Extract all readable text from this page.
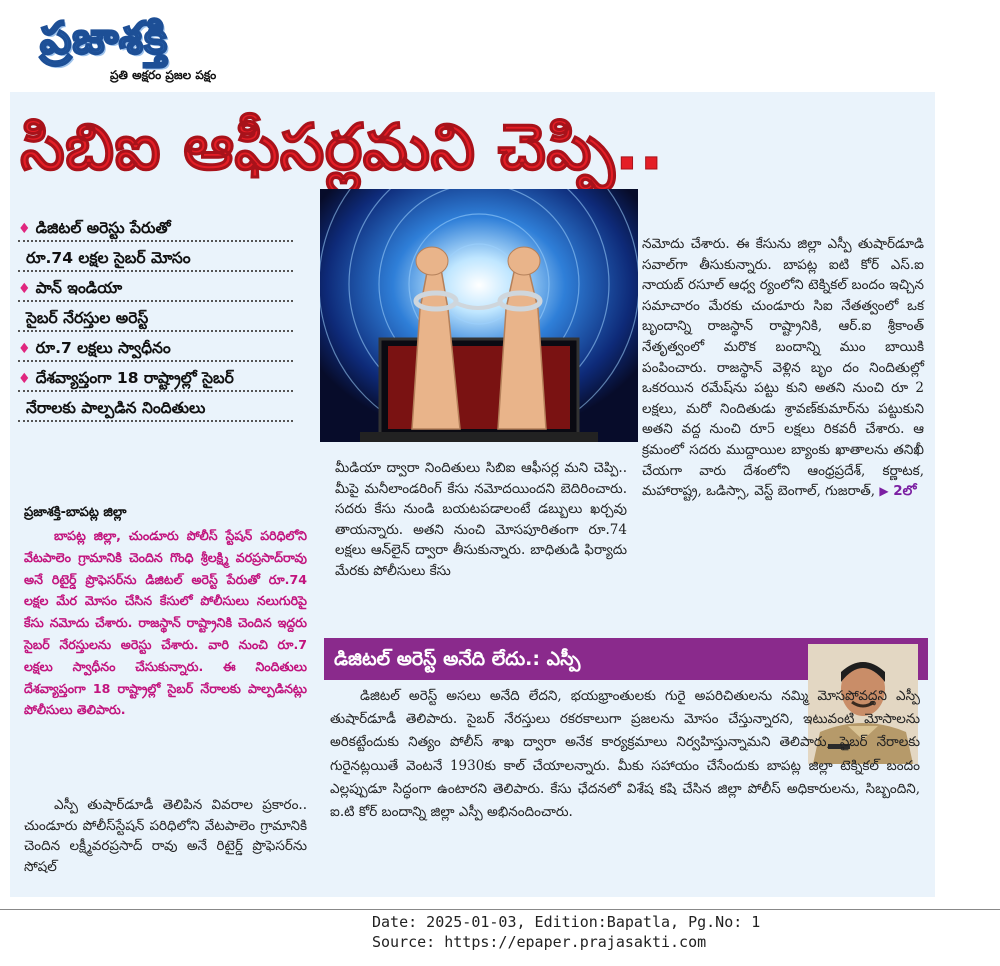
ప్రజాశక్తి
ప్రతి అక్షరం ప్రజల పక్షం
సిబిఐ ఆఫీసర్లమని చెప్పి..
♦ డిజిటల్ అరెస్టు పేరుతో
రూ.74 లక్షల సైబర్ మోసం
♦ పాన్ ఇండియా
సైబర్ నేరస్తుల అరెస్ట్
♦ రూ.7 లక్షలు స్వాధీనం
♦ దేశవ్యాప్తంగా 18 రాష్ట్రాల్లో సైబర్
నేరాలకు పాల్పడిన నిందితులు
ప్రజాశక్తి-బాపట్ల జిల్లా
బాపట్ల జిల్లా, చుండూరు పోలీస్ స్టేషన్ పరిధిలోని వేటపాలెం గ్రామానికి చెందిన గొంధి శ్రీలక్ష్మి వరప్రసాద్‌రావు అనే రిటైర్డ్ ప్రొఫెసర్‌ను డిజిటల్ అరెస్ట్ పేరుతో రూ.74 లక్షల మేర మోసం చేసిన కేసులో పోలీసులు నలుగురిపై కేసు నమోదు చేశారు. రాజస్థాన్ రాష్ట్రానికి చెందిన ఇద్దరు సైబర్ నేరస్తులను అరెస్టు చేశారు. వారి నుంచి రూ.7 లక్షలు స్వాధీనం చేసుకున్నారు. ఈ నిందితులు దేశవ్యాప్తంగా 18 రాష్ట్రాల్లో సైబర్ నేరాలకు పాల్పడినట్లు పోలీసులు తెలిపారు.
ఎస్పీ తుషార్‌డూడీ తెలిపిన వివరాల ప్రకారం.. చుండూరు పోలీస్‌స్టేషన్ పరిధిలోని వేటపాలెం గ్రామానికి చెందిన లక్ష్మీవరప్రసాద్ రావు అనే రిటైర్డ్ ప్రొఫెసర్‌ను సోషల్
మీడియా ద్వారా నిందితులు సిబిఐ ఆఫీసర్ల మని చెప్పి.. మీపై మనీలాండరింగ్ కేసు నమోదయిందని బెదిరించారు. సదరు కేసు నుండి బయటపడాలంటే డబ్బులు ఖర్చవు తాయన్నారు. అతని నుంచి మోసపూరితంగా రూ.74 లక్షలు ఆన్‌లైన్ ద్వారా తీసుకున్నారు. బాధితుడి ఫిర్యాదు మేరకు పోలీసులు కేసు
నమోదు చేశారు. ఈ కేసును జిల్లా ఎస్పీ తుషార్‌డూడి సవాల్‌గా తీసుకున్నారు. బాపట్ల ఐటి కోర్ ఎస్.ఐ నాయబ్ రసూల్ ఆధ్వ ర్యంలోని టెక్నికల్ బందం ఇచ్చిన సమాచారం మేరకు చుండూరు సిఐ నేతత్వంలో ఒక బృందాన్ని రాజస్థాన్ రాష్ట్రానికి, ఆర్.ఐ శ్రీకాంత్ నేతృత్వంలో మరొక బందాన్ని ముం బాయికి పంపించారు. రాజస్థాన్ వెళ్లిన బృం దం నిందితుల్లో ఒకరయిన రమేష్‌ను పట్టు కుని అతని నుంచి రూ 2 లక్షలు, మరో నిందితుడు శ్రావణ్‌కుమార్‌ను పట్టుకుని అతని వద్ద నుంచి రూ5 లక్షలు రికవరీ చేశారు. ఆ క్రమంలో సదరు ముద్దాయిల బ్యాంకు ఖాతాలను తనిఖీ చేయగా వారు దేశంలోని ఆంధ్రప్రదేశ్, కర్ణాటక, మహారాష్ట్ర, ఒడిస్సా, వెస్ట్ బెంగాల్, గుజరాత్, ▶ 2లో
డిజిటల్ అరెస్ట్ అనేది లేదు.: ఎస్పీ
డిజిటల్ అరెస్ట్ అసలు అనేది లేదని, భయభ్రాంతులకు గురై అపరిచితులను నమ్మి మోసపోవద్దని ఎస్పీ తుషార్‌డూడీ తెలిపారు. సైబర్ నేరస్తులు రకరకాలుగా ప్రజలను మోసం చేస్తున్నారని, ఇటువంటి మోసాలను అరికట్టేందుకు నిత్యం పోలీస్ శాఖ ద్వారా అనేక కార్యక్రమాలు నిర్వహిస్తున్నామని తెలిపారు, సైబర్ నేరాలకు గురైనట్లయితే వెంటనే 1930కు కాల్ చేయాలన్నారు. మీకు సహాయం చేసేందుకు బాపట్ల జిల్లా టెక్నికల్ బందం ఎల్లప్పుడూ సిద్ధంగా ఉంటారని తెలిపారు. కేసు ఛేదనలో విశేష కషి చేసిన జిల్లా పోలీస్ అధికారులను, సిబ్బందిని, ఐ.టి కోర్ బందాన్ని జిల్లా ఎస్పీ అభినందించారు.
Date: 2025-01-03, Edition:Bapatla, Pg.No: 1
Source: https://epaper.prajasakti.com
